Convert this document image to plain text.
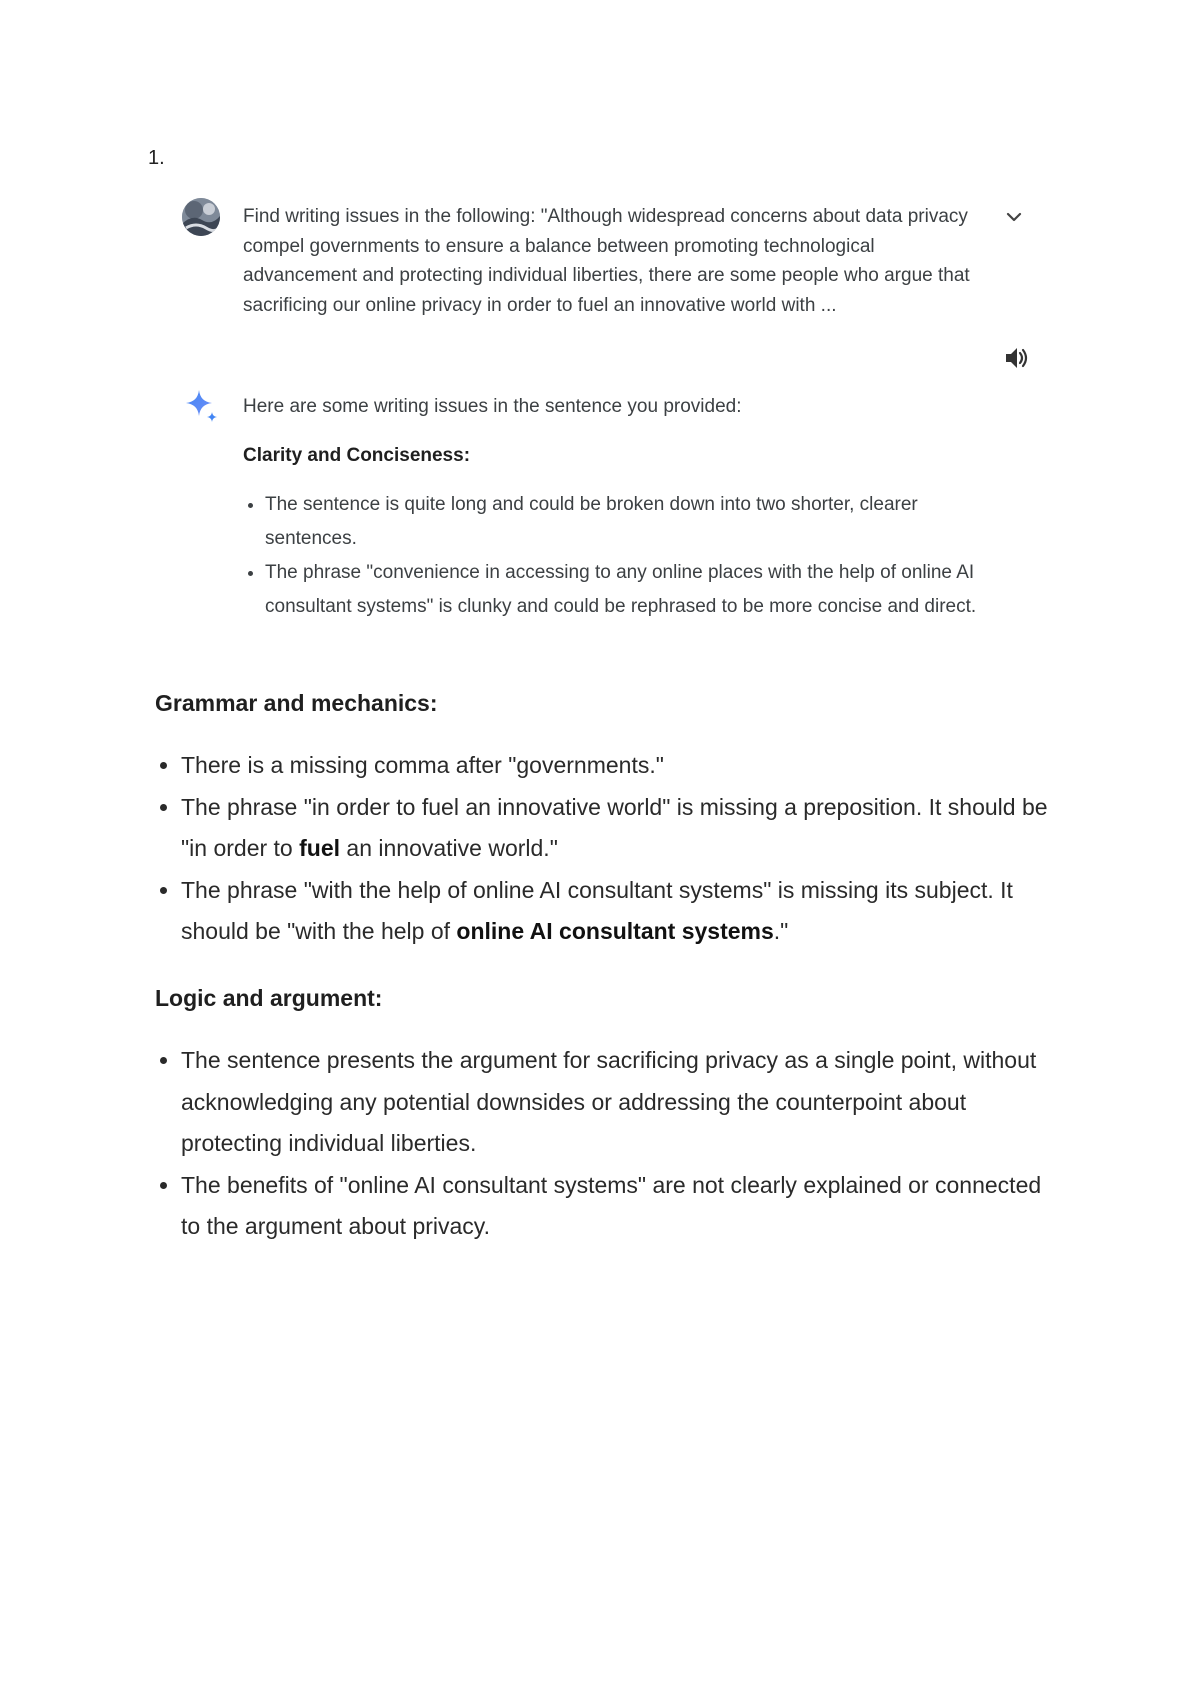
1.
Find writing issues in the following: "Although widespread concerns about data privacy compel governments to ensure a balance between promoting technological advancement and protecting individual liberties, there are some people who argue that sacrificing our online privacy in order to fuel an innovative world with ...

Here are some writing issues in the sentence you provided:

Clarity and Conciseness:
• The sentence is quite long and could be broken down into two shorter, clearer sentences.
• The phrase "convenience in accessing to any online places with the help of online AI consultant systems" is clunky and could be rephrased to be more concise and direct.
Grammar and mechanics:
• There is a missing comma after "governments."
• The phrase "in order to fuel an innovative world" is missing a preposition. It should be "in order to fuel an innovative world."
• The phrase "with the help of online AI consultant systems" is missing its subject. It should be "with the help of online AI consultant systems."
Logic and argument:
• The sentence presents the argument for sacrificing privacy as a single point, without acknowledging any potential downsides or addressing the counterpoint about protecting individual liberties.
• The benefits of "online AI consultant systems" are not clearly explained or connected to the argument about privacy.
